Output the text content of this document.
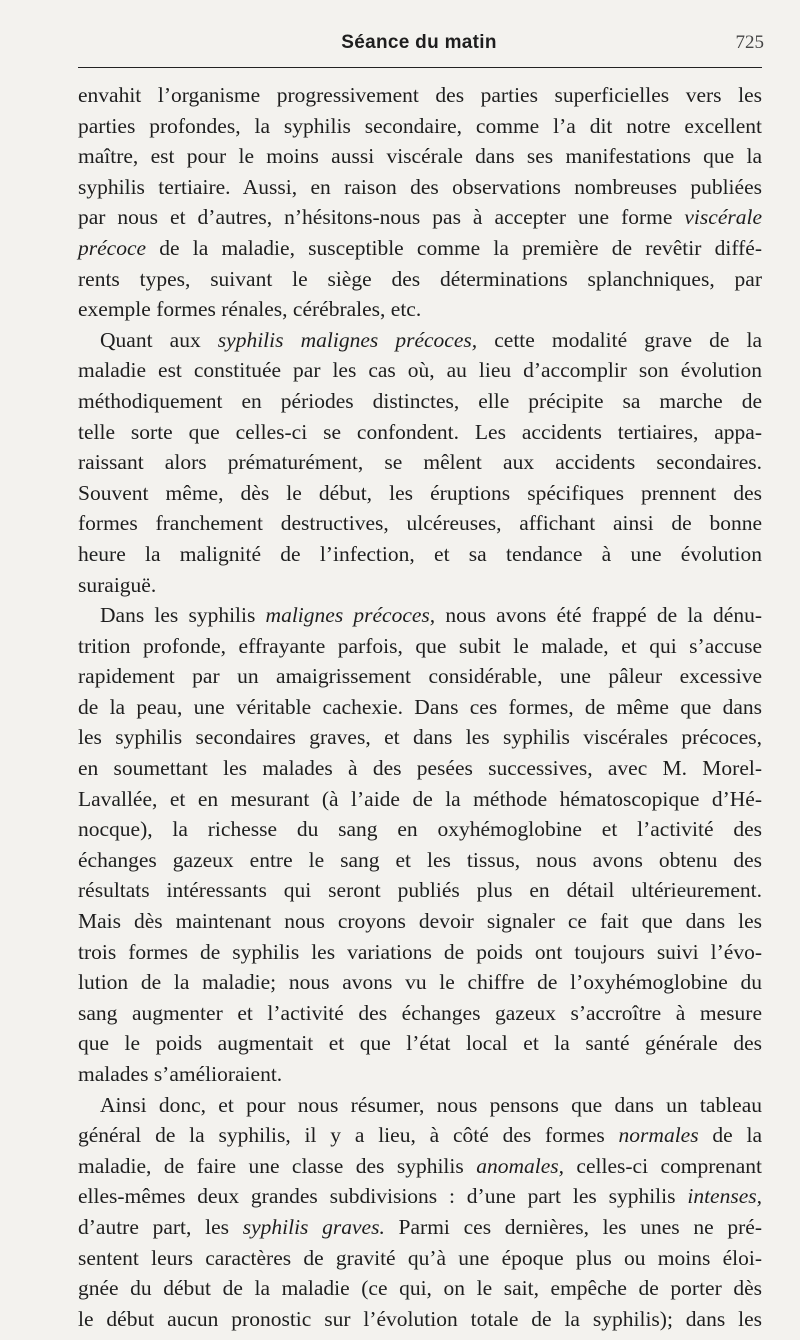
Séance du matin	725
envahit l’organisme progressivement des parties superficielles vers les
parties profondes, la syphilis secondaire, comme l’a dit notre excellent
maître, est pour le moins aussi viscérale dans ses manifestations que la
syphilis tertiaire. Aussi, en raison des observations nombreuses publiées
par nous et d’autres, n’hésitons-nous pas à accepter une forme viscérale
précoce de la maladie, susceptible comme la première de revêtir diffé-
rents types, suivant le siège des déterminations splanchniques, par
exemple formes rénales, cérébrales, etc.
Quant aux syphilis malignes précoces, cette modalité grave de la
maladie est constituée par les cas où, au lieu d’accomplir son évolution
méthodiquement en périodes distinctes, elle précipite sa marche de
telle sorte que celles-ci se confondent. Les accidents tertiaires, appa-
raissant alors prématurément, se mêlent aux accidents secondaires.
Souvent même, dès le début, les éruptions spécifiques prennent des
formes franchement destructives, ulcéreuses, affichant ainsi de bonne
heure la malignité de l’infection, et sa tendance à une évolution
suraiguë.
Dans les syphilis malignes précoces, nous avons été frappé de la dénu-
trition profonde, effrayante parfois, que subit le malade, et qui s’accuse
rapidement par un amaigrissement considérable, une pâleur excessive
de la peau, une véritable cachexie. Dans ces formes, de même que dans
les syphilis secondaires graves, et dans les syphilis viscérales précoces,
en soumettant les malades à des pesées successives, avec M. Morel-
Lavallée, et en mesurant (à l’aide de la méthode hématoscopique d’Hé-
nocque), la richesse du sang en oxyhémoglobine et l’activité des
échanges gazeux entre le sang et les tissus, nous avons obtenu des
résultats intéressants qui seront publiés plus en détail ultérieurement.
Mais dès maintenant nous croyons devoir signaler ce fait que dans les
trois formes de syphilis les variations de poids ont toujours suivi l’évo-
lution de la maladie; nous avons vu le chiffre de l’oxyhémoglobine du
sang augmenter et l’activité des échanges gazeux s’accroître à mesure
que le poids augmentait et que l’état local et la santé générale des
malades s’amélioraient.
Ainsi donc, et pour nous résumer, nous pensons que dans un tableau
général de la syphilis, il y a lieu, à côté des formes normales de la
maladie, de faire une classe des syphilis anomales, celles-ci comprenant
elles-mêmes deux grandes subdivisions : d’une part les syphilis intenses,
d’autre part, les syphilis graves. Parmi ces dernières, les unes ne pré-
sentent leurs caractères de gravité qu’à une époque plus ou moins éloi-
gnée du début de la maladie (ce qui, on le sait, empêche de porter dès
le début aucun pronostic sur l’évolution totale de la syphilis); dans les
